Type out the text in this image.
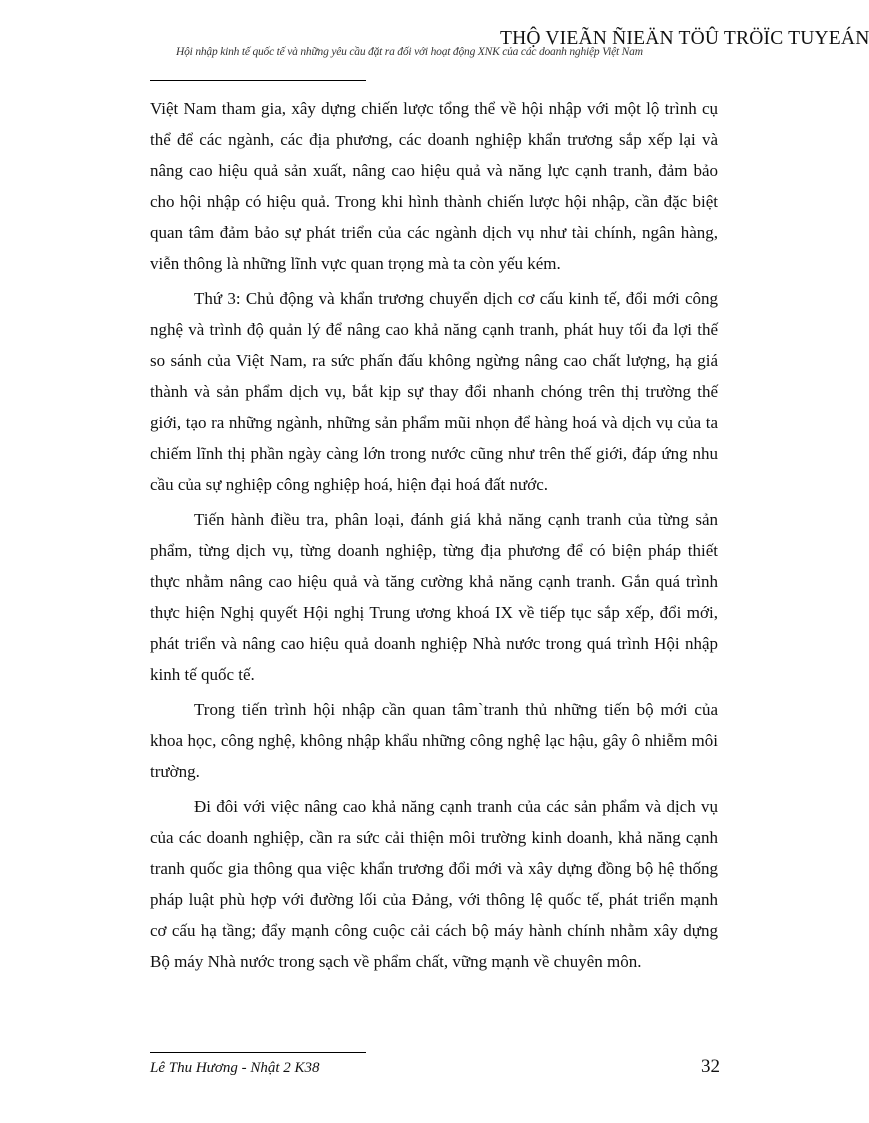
Hội nhập kinh tế quốc tế và những yêu cầu đặt ra đối với hoạt động XNK của các doanh nghiệp Việt Nam
THỘ VIEÃN ÑIEÄN TÖÛ TRÖÏC TUYEÁN

Việt Nam tham gia, xây dựng chiến lược tổng thể về hội nhập với một lộ trình cụ thể để các ngành, các địa phương, các doanh nghiệp khẩn trương sắp xếp lại và nâng cao hiệu quả sản xuất, nâng cao hiệu quả và năng lực cạnh tranh, đảm bảo cho hội nhập có hiệu quả. Trong khi hình thành chiến lược hội nhập, cần đặc biệt quan tâm đảm bảo sự phát triển của các ngành dịch vụ như tài chính, ngân hàng, viễn thông là những lĩnh vực quan trọng mà ta còn yếu kém.

Thứ 3: Chủ động và khẩn trương chuyển dịch cơ cấu kinh tế, đổi mới công nghệ và trình độ quản lý để nâng cao khả năng cạnh tranh, phát huy tối đa lợi thế so sánh của Việt Nam, ra sức phấn đấu không ngừng nâng cao chất lượng, hạ giá thành và sản phẩm dịch vụ, bắt kịp sự thay đổi nhanh chóng trên thị trường thế giới, tạo ra những ngành, những sản phẩm mũi nhọn để hàng hoá và dịch vụ của ta chiếm lĩnh thị phần ngày càng lớn trong nước cũng như trên thế giới, đáp ứng nhu cầu của sự nghiệp công nghiệp hoá, hiện đại hoá đất nước.

Tiến hành điều tra, phân loại, đánh giá khả năng cạnh tranh của từng sản phẩm, từng dịch vụ, từng doanh nghiệp, từng địa phương để có biện pháp thiết thực nhằm nâng cao hiệu quả và tăng cường khả năng cạnh tranh. Gắn quá trình thực hiện Nghị quyết Hội nghị Trung ương khoá IX về tiếp tục sắp xếp, đổi mới, phát triển và nâng cao hiệu quả doanh nghiệp Nhà nước trong quá trình Hội nhập kinh tế quốc tế.

Trong tiến trình hội nhập cần quan tâm`tranh thủ những tiến bộ mới của khoa học, công nghệ, không nhập khẩu những công nghệ lạc hậu, gây ô nhiễm môi trường.

Đi đôi với việc nâng cao khả năng cạnh tranh của các sản phẩm và dịch vụ của các doanh nghiệp, cần ra sức cải thiện môi trường kinh doanh, khả năng cạnh tranh quốc gia thông qua việc khẩn trương đổi mới và xây dựng đồng bộ hệ thống pháp luật phù hợp với đường lối của Đảng, với thông lệ quốc tế, phát triển mạnh cơ cấu hạ tầng; đẩy mạnh công cuộc cải cách bộ máy hành chính nhằm xây dựng Bộ máy Nhà nước trong sạch về phẩm chất, vững mạnh về chuyên môn.

Lê Thu Hương - Nhật 2 K38	32
